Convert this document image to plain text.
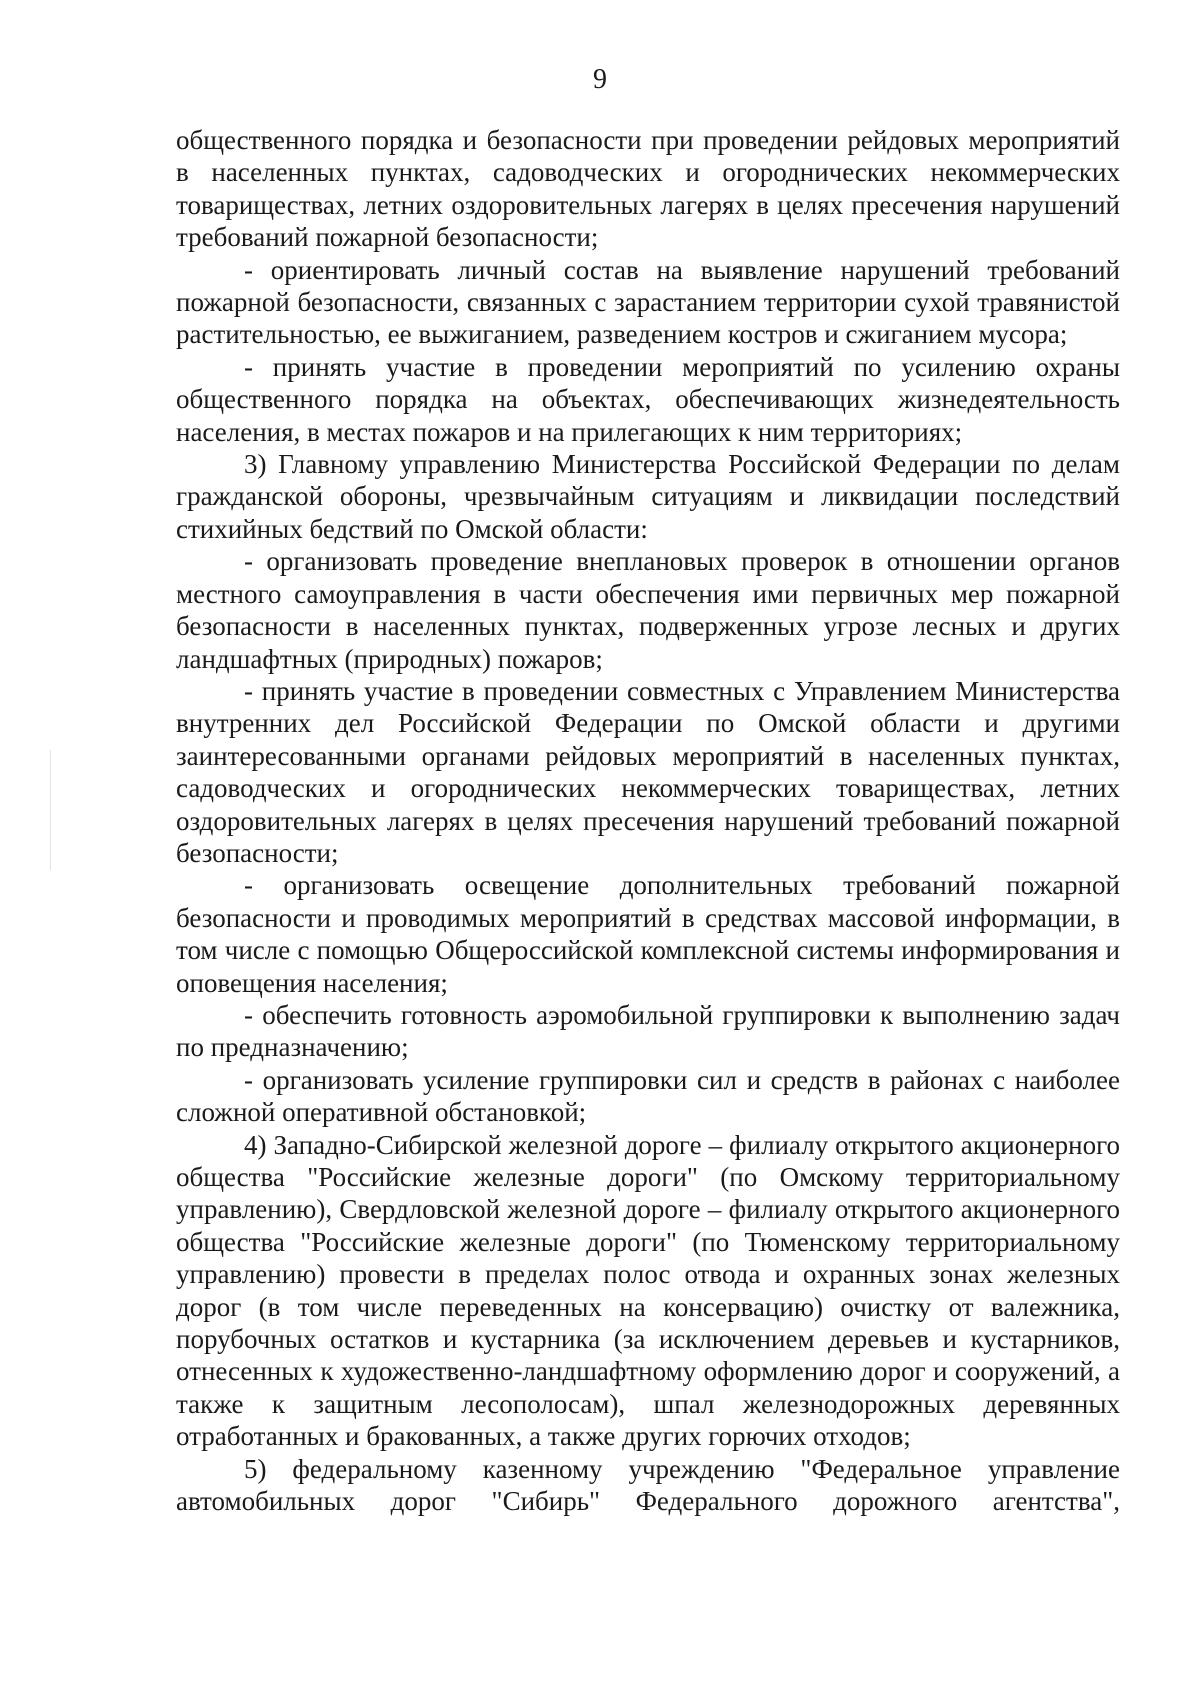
9

общественного порядка и безопасности при проведении рейдовых мероприятий в населенных пунктах, садоводческих и огороднических некоммерческих товариществах, летних оздоровительных лагерях в целях пресечения нарушений требований пожарной безопасности;

- ориентировать личный состав на выявление нарушений требований пожарной безопасности, связанных с зарастанием территории сухой травянистой растительностью, ее выжиганием, разведением костров и сжиганием мусора;

- принять участие в проведении мероприятий по усилению охраны общественного порядка на объектах, обеспечивающих жизнедеятельность населения, в местах пожаров и на прилегающих к ним территориях;

3) Главному управлению Министерства Российской Федерации по делам гражданской обороны, чрезвычайным ситуациям и ликвидации последствий стихийных бедствий по Омской области:

- организовать проведение внеплановых проверок в отношении органов местного самоуправления в части обеспечения ими первичных мер пожарной безопасности в населенных пунктах, подверженных угрозе лесных и других ландшафтных (природных) пожаров;

- принять участие в проведении совместных с Управлением Министерства внутренних дел Российской Федерации по Омской области и другими заинтересованными органами рейдовых мероприятий в населенных пунктах, садоводческих и огороднических некоммерческих товариществах, летних оздоровительных лагерях в целях пресечения нарушений требований пожарной безопасности;

- организовать освещение дополнительных требований пожарной безопасности и проводимых мероприятий в средствах массовой информации, в том числе с помощью Общероссийской комплексной системы информирования и оповещения населения;

- обеспечить готовность аэромобильной группировки к выполнению задач по предназначению;

- организовать усиление группировки сил и средств в районах с наиболее сложной оперативной обстановкой;

4) Западно-Сибирской железной дороге – филиалу открытого акционерного общества "Российские железные дороги" (по Омскому территориальному управлению), Свердловской железной дороге – филиалу открытого акционерного общества "Российские железные дороги" (по Тюменскому территориальному управлению) провести в пределах полос отвода и охранных зонах железных дорог (в том числе переведенных на консервацию) очистку от валежника, порубочных остатков и кустарника (за исключением деревьев и кустарников, отнесенных к художественно-ландшафтному оформлению дорог и сооружений, а также к защитным лесополосам), шпал железнодорожных деревянных отработанных и бракованных, а также других горючих отходов;

5) федеральному казенному учреждению "Федеральное управление автомобильных дорог "Сибирь" Федерального дорожного агентства",
